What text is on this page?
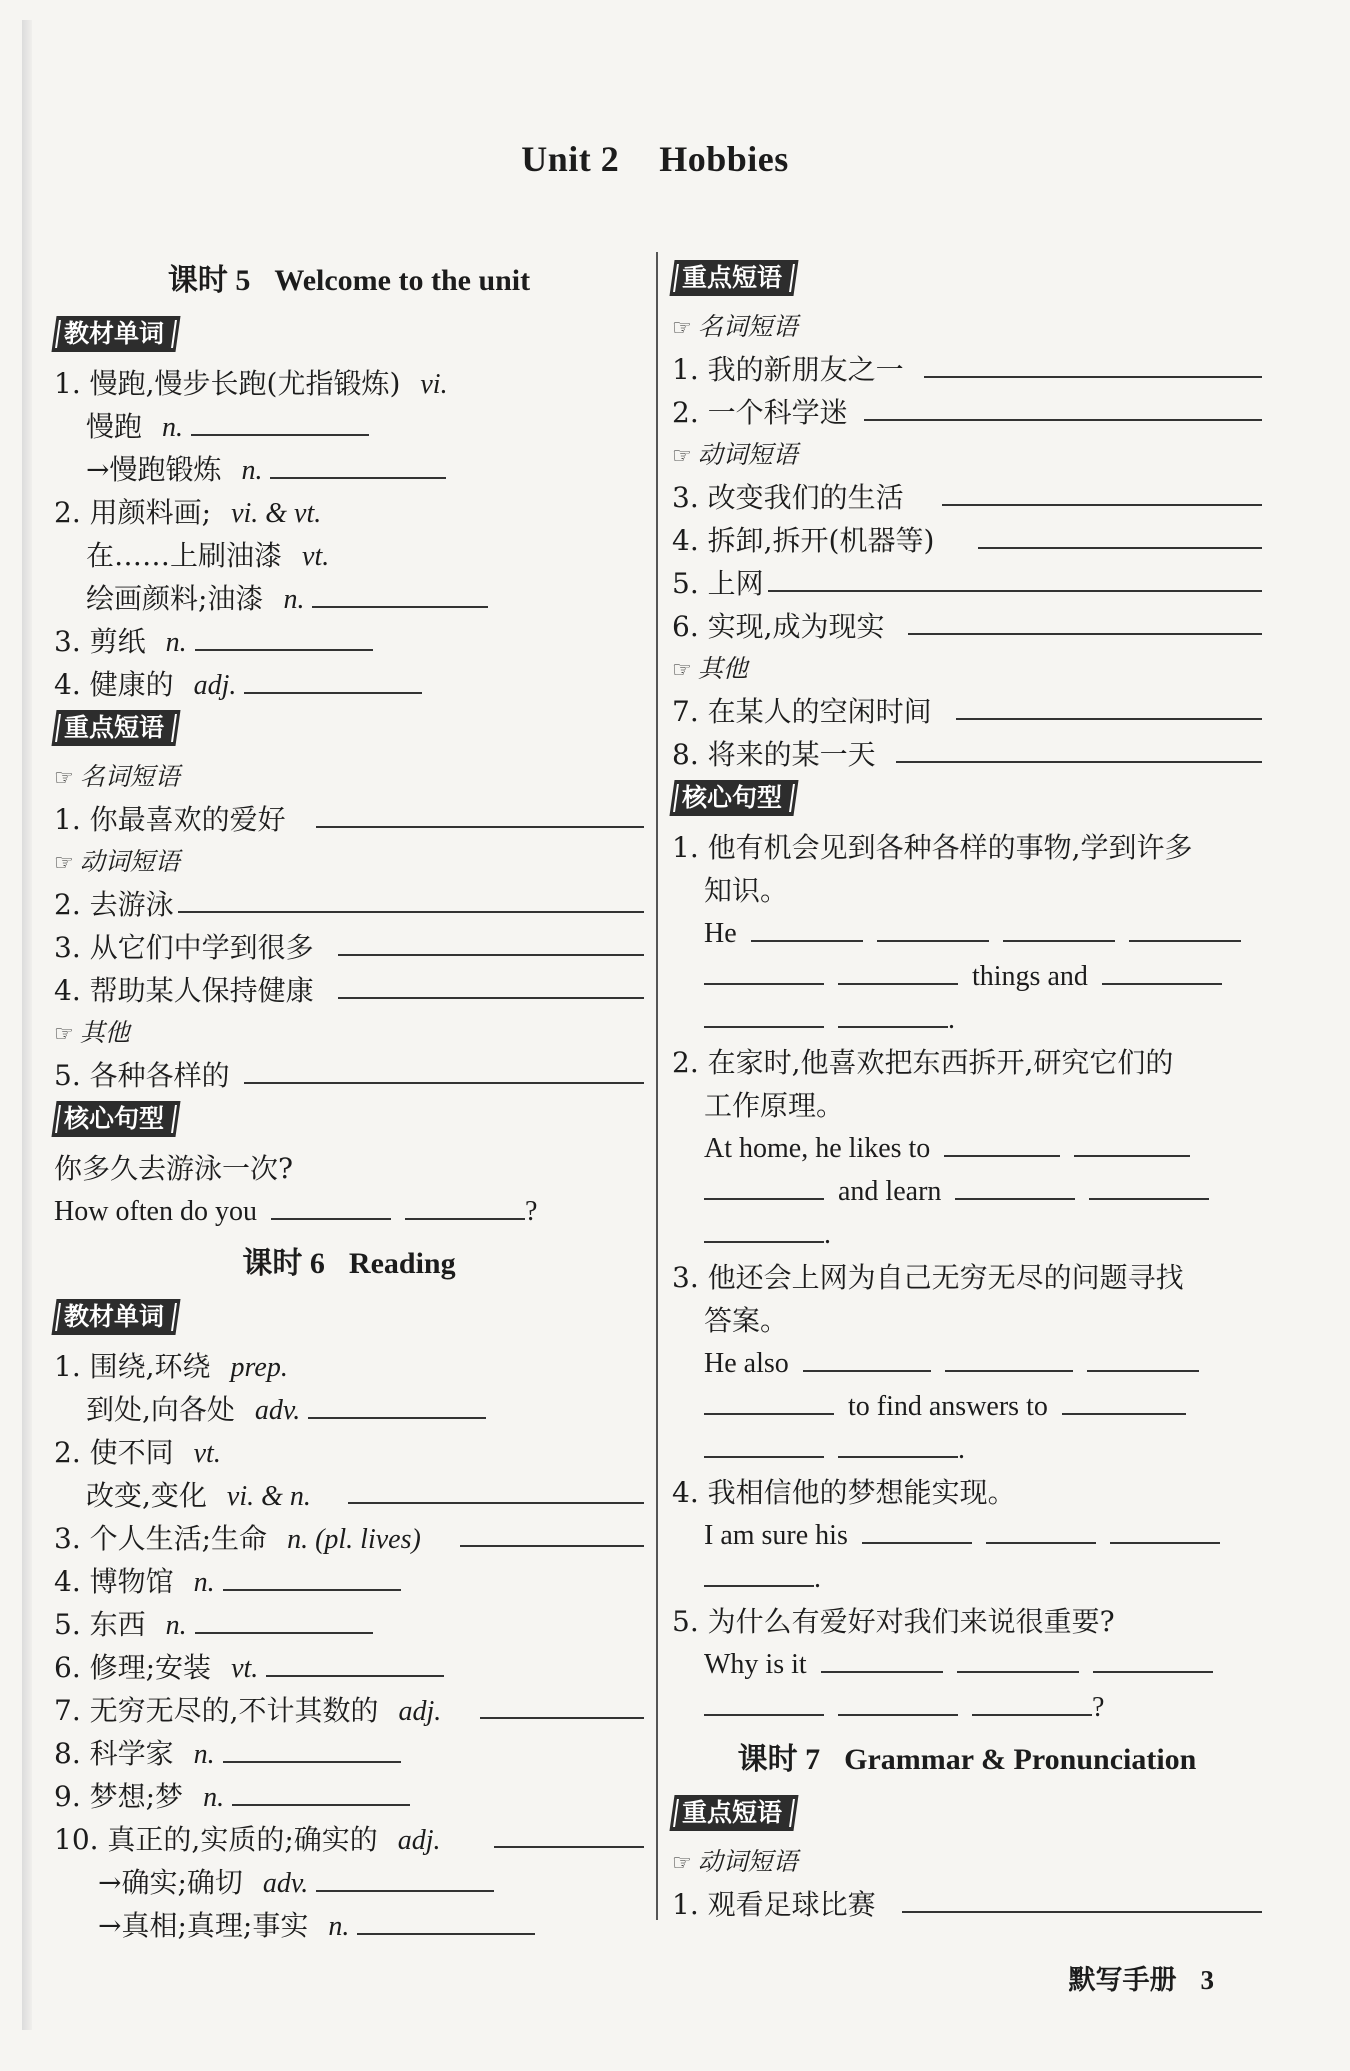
Unit 2 Hobbies
课时 5 Welcome to the unit
教材单词
1. 慢跑,慢步长跑(尤指锻炼) vi.
慢跑 n.
→慢跑锻炼 n.
2. 用颜料画; vi. & vt.
在……上刷油漆 vt.
绘画颜料;油漆 n.
3. 剪纸 n.
4. 健康的 adj.
重点短语
☞ 名词短语
1. 你最喜欢的爱好
☞ 动词短语
2. 去游泳
3. 从它们中学到很多
4. 帮助某人保持健康
☞ 其他
5. 各种各样的
核心句型
你多久去游泳一次?
How often do you	?
课时 6 Reading
教材单词
1. 围绕,环绕 prep.
到处,向各处 adv.
2. 使不同 vt.
改变,变化 vi. & n.
3. 个人生活;生命 n. (pl. lives)
4. 博物馆 n.
5. 东西 n.
6. 修理;安装 vt.
7. 无穷无尽的,不计其数的 adj.
8. 科学家 n.
9. 梦想;梦 n.
10. 真正的,实质的;确实的 adj.
→确实;确切 adv.
→真相;真理;事实 n.
重点短语
☞ 名词短语
1. 我的新朋友之一
2. 一个科学迷
☞ 动词短语
3. 改变我们的生活
4. 拆卸,拆开(机器等)
5. 上网
6. 实现,成为现实
☞ 其他
7. 在某人的空闲时间
8. 将来的某一天
核心句型
1. 他有机会见到各种各样的事物,学到许多
知识。
He
things and
.
2. 在家时,他喜欢把东西拆开,研究它们的
工作原理。
At home, he likes to
and learn
.
3. 他还会上网为自己无穷无尽的问题寻找
答案。
He also
to find answers to
.
4. 我相信他的梦想能实现。
I am sure his
.
5. 为什么有爱好对我们来说很重要?
Why is it
?
课时 7 Grammar & Pronunciation
重点短语
☞ 动词短语
1. 观看足球比赛
默写手册 3
